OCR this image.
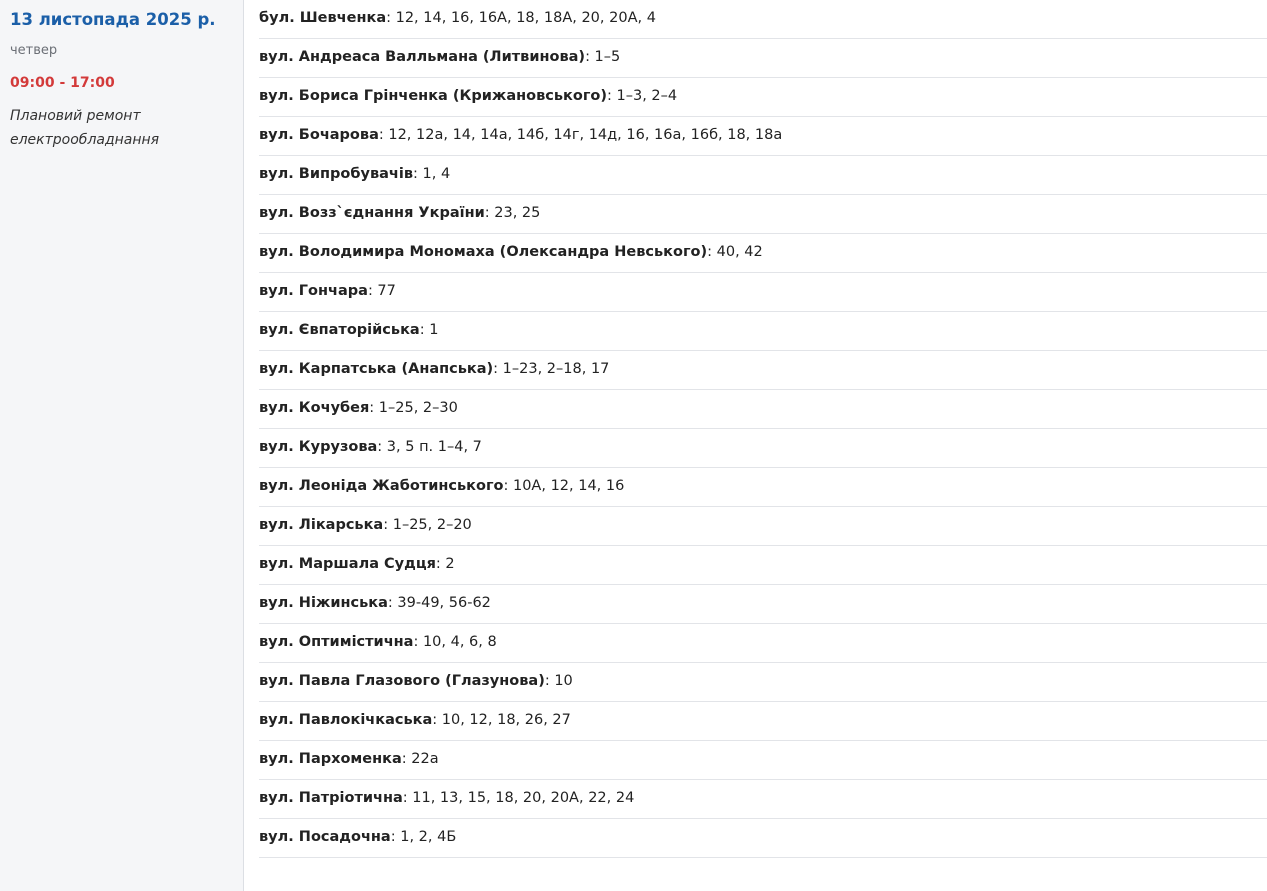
13 листопада 2025 р.
четвер
09:00 - 17:00
Плановий ремонт електрообладнання
бул. Шевченка : 12, 14, 16, 16А, 18, 18А, 20, 20А, 4
вул. Андреаса Валльмана (Литвинова) : 1–5
вул. Бориса Грінченка (Крижановського) : 1–3, 2–4
вул. Бочарова : 12, 12а, 14, 14а, 14б, 14г, 14д, 16, 16а, 16б, 18, 18а
вул. Випробувачів : 1, 4
вул. Возз`єднання України : 23, 25
вул. Володимира Мономаха (Олександра Невського) : 40, 42
вул. Гончара : 77
вул. Євпаторійська : 1
вул. Карпатська (Анапська) : 1–23, 2–18, 17
вул. Кочубея : 1–25, 2–30
вул. Курузова : 3, 5 п. 1–4, 7
вул. Леоніда Жаботинського : 10А, 12, 14, 16
вул. Лікарська : 1–25, 2–20
вул. Маршала Судця : 2
вул. Ніжинська : 39-49, 56-62
вул. Оптимістична : 10, 4, 6, 8
вул. Павла Глазового (Глазунова) : 10
вул. Павлокічкаська : 10, 12, 18, 26, 27
вул. Пархоменка : 22а
вул. Патріотична : 11, 13, 15, 18, 20, 20А, 22, 24
вул. Посадочна : 1, 2, 4Б
